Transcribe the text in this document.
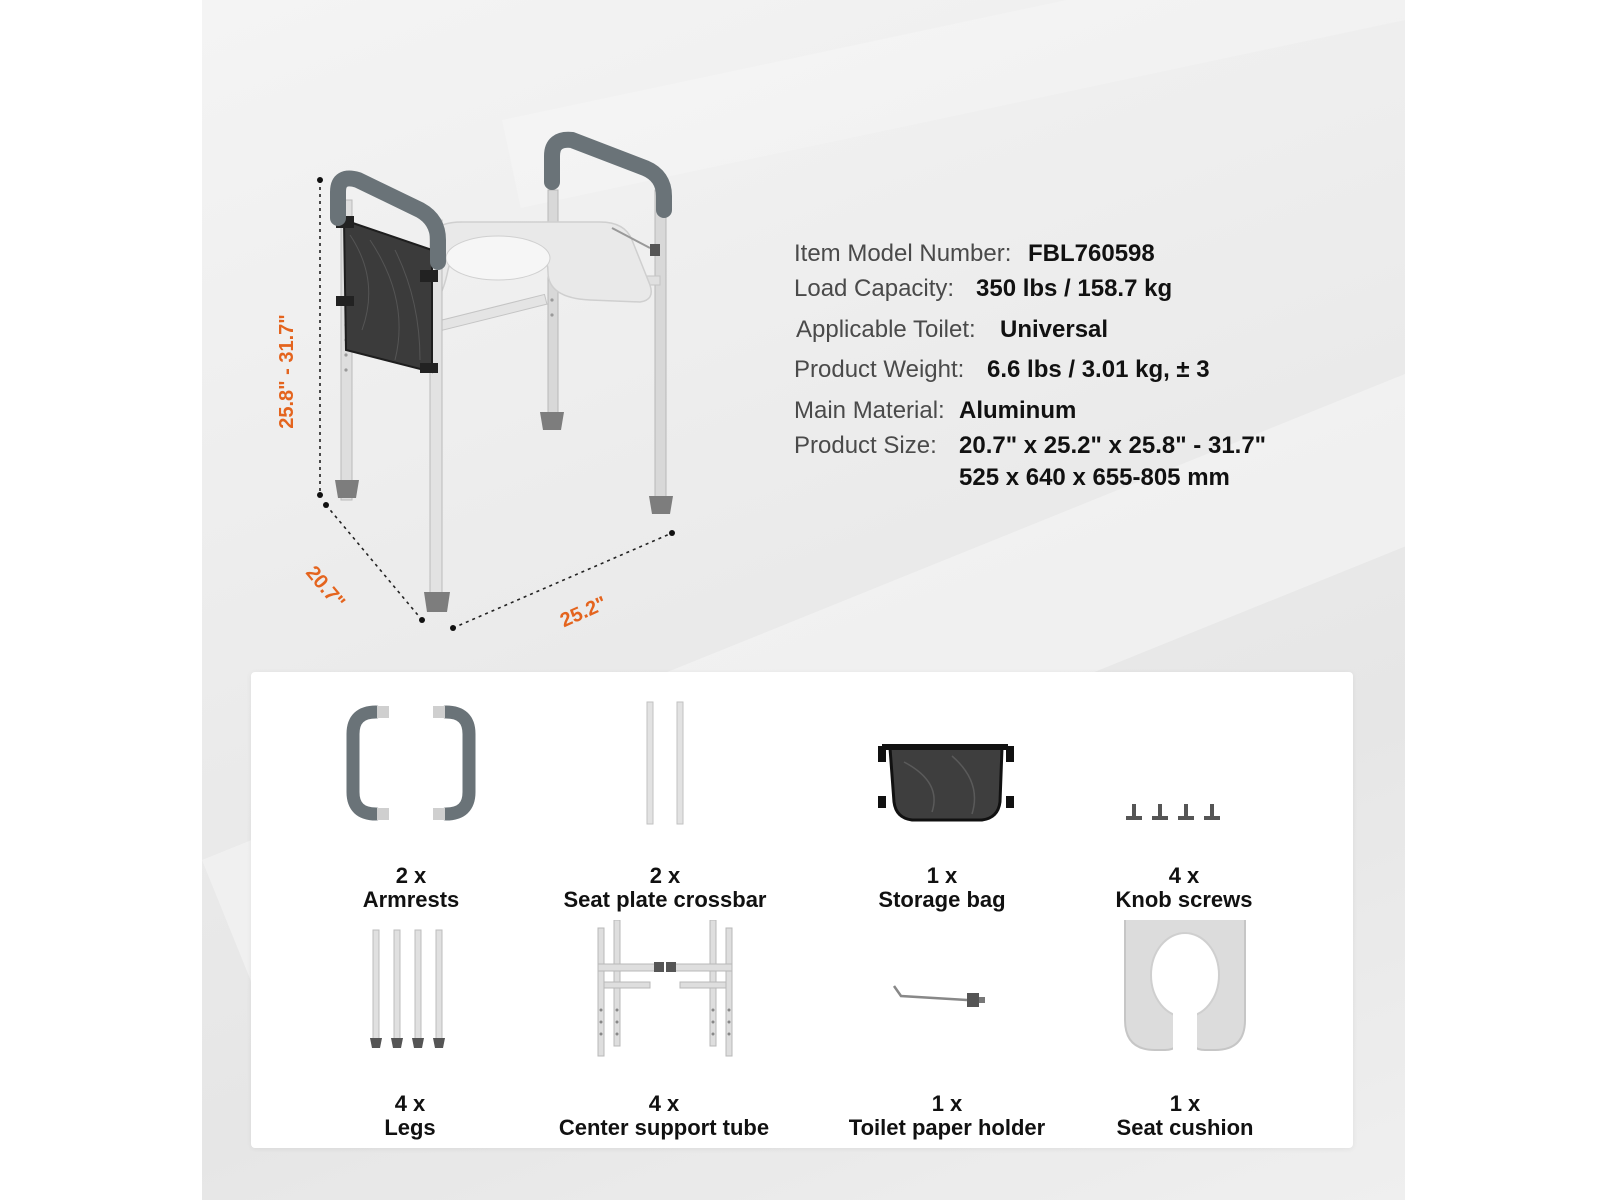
25.8" - 31.7"
20.7"	25.2"
Item Model Number: FBL760598
Load Capacity: 350 lbs / 158.7 kg
Applicable Toilet: Universal
Product Weight: 6.6 lbs / 3.01 kg, ± 3
Main Material: Aluminum
Product Size: 20.7" x 25.2" x 25.8" - 31.7"
525 x 640 x 655-805 mm
2 x
Armrests
2 x
Seat plate crossbar
1 x
Storage bag
4 x
Knob screws
4 x
Legs
4 x
Center support tube
1 x
Toilet paper holder
1 x
Seat cushion
